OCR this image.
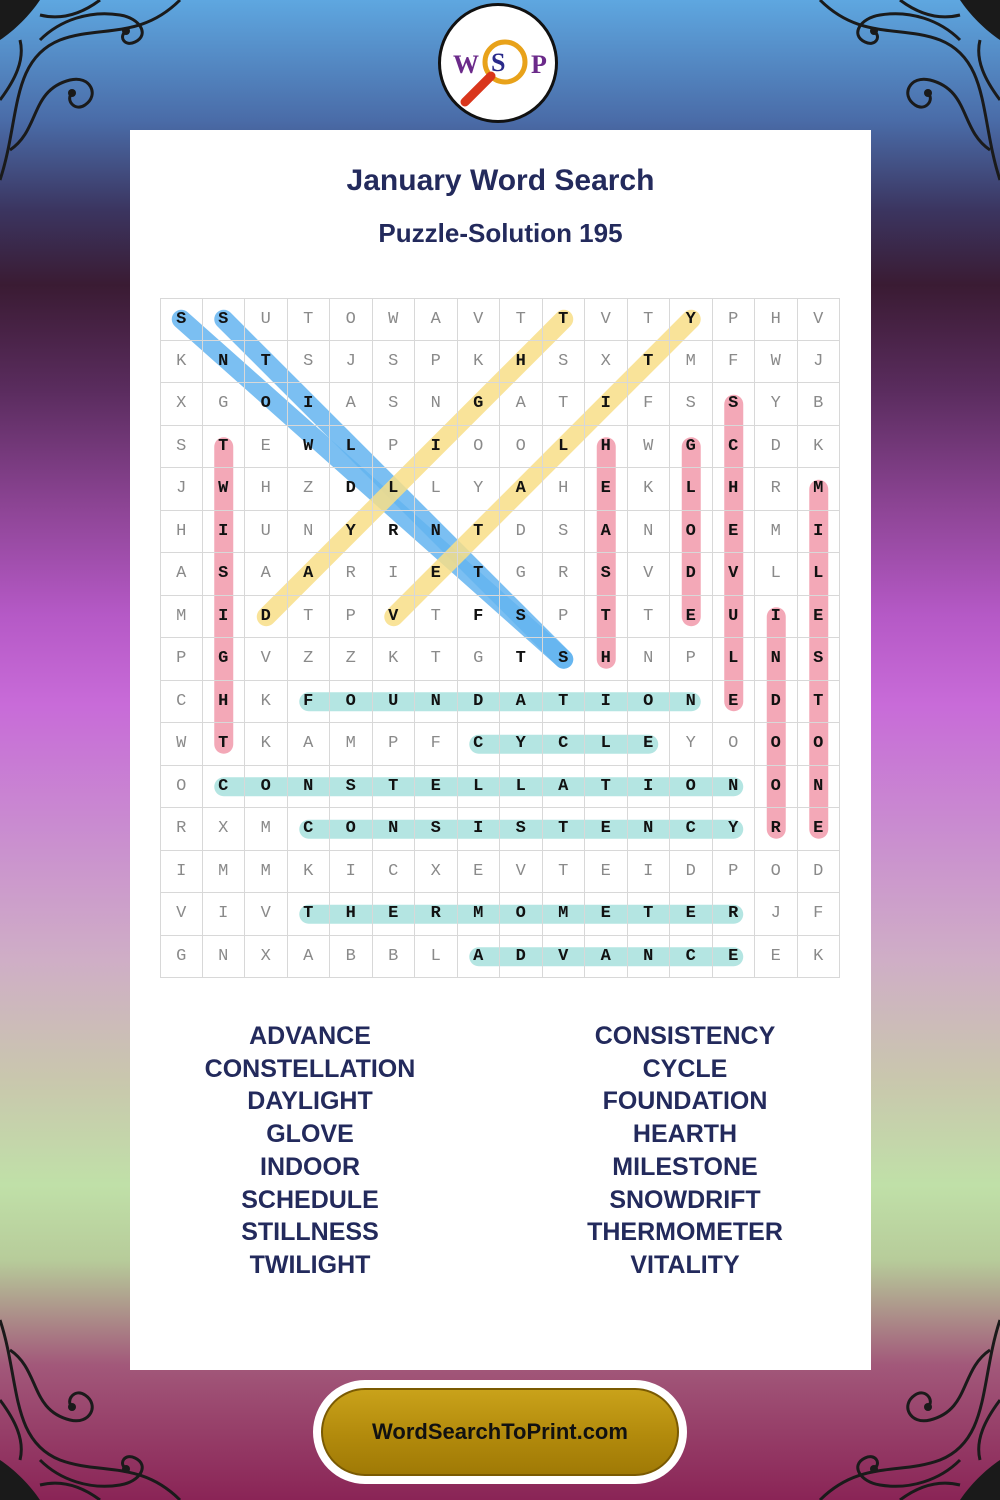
W S P
January Word Search
Puzzle-Solution 195
S	S	U	T	O	W	A	V	T	T	V	T	Y	P	H	V
K	N	T	S	J	S	P	K	H	S	X	T	M	F	W	J
X	G	O	I	A	S	N	G	A	T	I	F	S	S	Y	B
S	T	E	W	L	P	I	O	O	L	H	W	G	C	D	K
J	W	H	Z	D	L	L	Y	A	H	E	K	L	H	R	M
H	I	U	N	Y	R	N	T	D	S	A	N	O	E	M	I
A	S	A	A	R	I	E	T	G	R	S	V	D	V	L	L
M	I	D	T	P	V	T	F	S	P	T	T	E	U	I	E
P	G	V	Z	Z	K	T	G	T	S	H	N	P	L	N	S
C	H	K	F	O	U	N	D	A	T	I	O	N	E	D	T
W	T	K	A	M	P	F	C	Y	C	L	E	Y	O	O	O
O	C	O	N	S	T	E	L	L	A	T	I	O	N	O	N
R	X	M	C	O	N	S	I	S	T	E	N	C	Y	R	E
I	M	M	K	I	C	X	E	V	T	E	I	D	P	O	D
V	I	V	T	H	E	R	M	O	M	E	T	E	R	J	F
G	N	X	A	B	B	L	A	D	V	A	N	C	E	E	K
ADVANCE
CONSTELLATION
DAYLIGHT
GLOVE
INDOOR
SCHEDULE
STILLNESS
TWILIGHT
CONSISTENCY
CYCLE
FOUNDATION
HEARTH
MILESTONE
SNOWDRIFT
THERMOMETER
VITALITY
WordSearchToPrint.com
